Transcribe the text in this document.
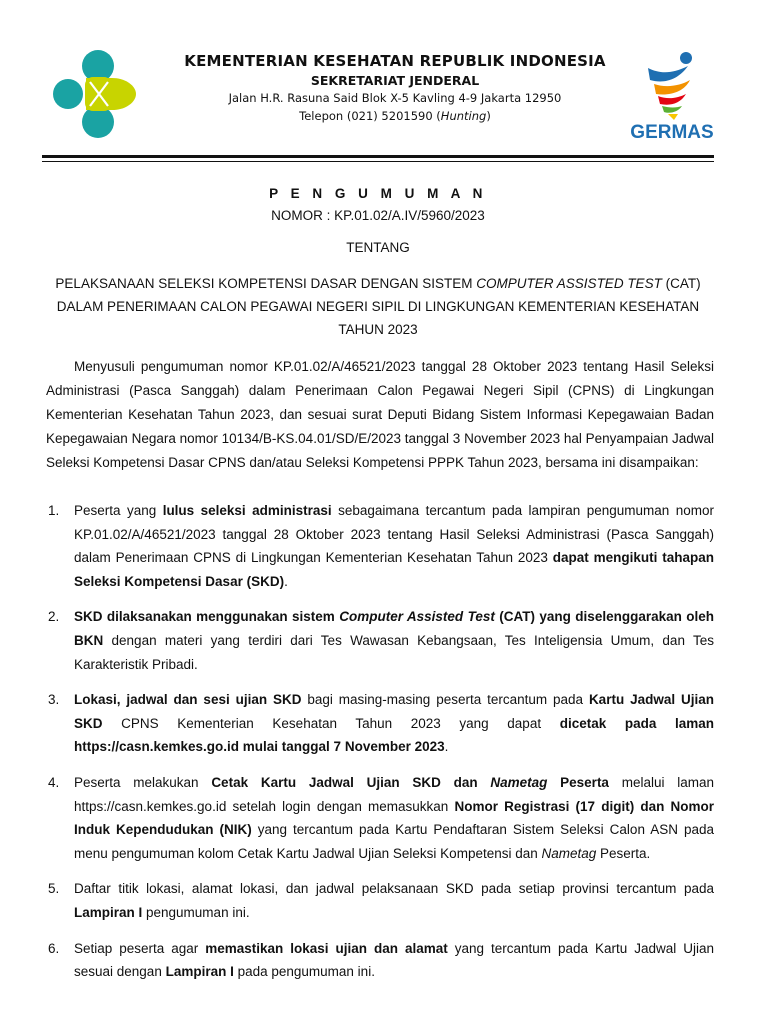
KEMENTERIAN KESEHATAN REPUBLIK INDONESIA
SEKRETARIAT JENDERAL
Jalan H.R. Rasuna Said Blok X-5 Kavling 4-9 Jakarta 12950
Telepon (021) 5201590 (Hunting)
GERMAS
P E N G U M U M A N
NOMOR : KP.01.02/A.IV/5960/2023
TENTANG
PELAKSANAAN SELEKSI KOMPETENSI DASAR DENGAN SISTEM COMPUTER ASSISTED TEST (CAT) DALAM PENERIMAAN CALON PEGAWAI NEGERI SIPIL DI LINGKUNGAN KEMENTERIAN KESEHATAN TAHUN 2023

Menyusuli pengumuman nomor KP.01.02/A/46521/2023 tanggal 28 Oktober 2023 tentang Hasil Seleksi Administrasi (Pasca Sanggah) dalam Penerimaan Calon Pegawai Negeri Sipil (CPNS) di Lingkungan Kementerian Kesehatan Tahun 2023, dan sesuai surat Deputi Bidang Sistem Informasi Kepegawaian Badan Kepegawaian Negara nomor 10134/B-KS.04.01/SD/E/2023 tanggal 3 November 2023 hal Penyampaian Jadwal Seleksi Kompetensi Dasar CPNS dan/atau Seleksi Kompetensi PPPK Tahun 2023, bersama ini disampaikan:

1. Peserta yang lulus seleksi administrasi sebagaimana tercantum pada lampiran pengumuman nomor KP.01.02/A/46521/2023 tanggal 28 Oktober 2023 tentang Hasil Seleksi Administrasi (Pasca Sanggah) dalam Penerimaan CPNS di Lingkungan Kementerian Kesehatan Tahun 2023 dapat mengikuti tahapan Seleksi Kompetensi Dasar (SKD).
2. SKD dilaksanakan menggunakan sistem Computer Assisted Test (CAT) yang diselenggarakan oleh BKN dengan materi yang terdiri dari Tes Wawasan Kebangsaan, Tes Inteligensia Umum, dan Tes Karakteristik Pribadi.
3. Lokasi, jadwal dan sesi ujian SKD bagi masing-masing peserta tercantum pada Kartu Jadwal Ujian SKD CPNS Kementerian Kesehatan Tahun 2023 yang dapat dicetak pada laman https://casn.kemkes.go.id mulai tanggal 7 November 2023.
4. Peserta melakukan Cetak Kartu Jadwal Ujian SKD dan Nametag Peserta melalui laman https://casn.kemkes.go.id setelah login dengan memasukkan Nomor Registrasi (17 digit) dan Nomor Induk Kependudukan (NIK) yang tercantum pada Kartu Pendaftaran Sistem Seleksi Calon ASN pada menu pengumuman kolom Cetak Kartu Jadwal Ujian Seleksi Kompetensi dan Nametag Peserta.
5. Daftar titik lokasi, alamat lokasi, dan jadwal pelaksanaan SKD pada setiap provinsi tercantum pada Lampiran I pengumuman ini.
6. Setiap peserta agar memastikan lokasi ujian dan alamat yang tercantum pada Kartu Jadwal Ujian sesuai dengan Lampiran I pada pengumuman ini.
